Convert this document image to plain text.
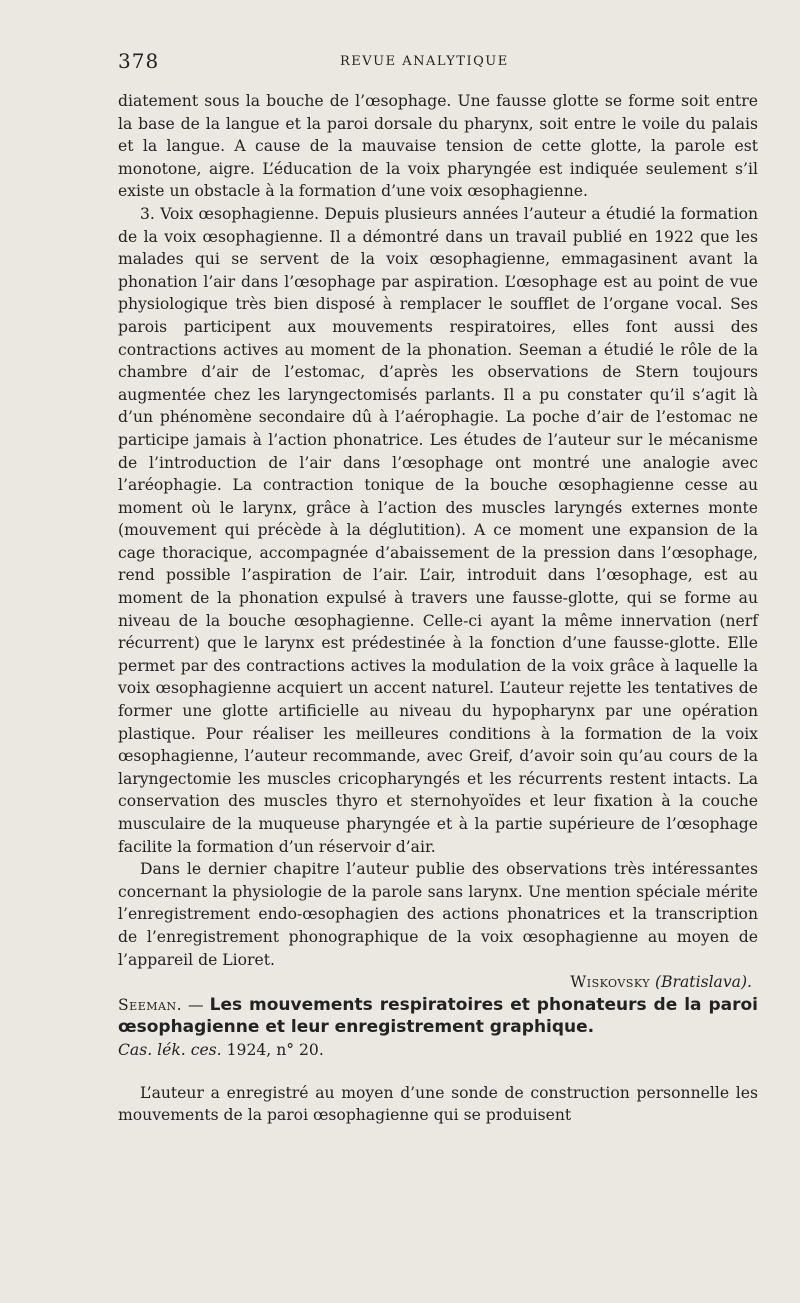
378	REVUE ANALYTIQUE

diatement sous la bouche de l’œsophage. Une fausse glotte se forme soit entre la base de la langue et la paroi dorsale du pharynx, soit entre le voile du palais et la langue. A cause de la mauvaise tension de cette glotte, la parole est monotone, aigre. L’éducation de la voix pharyngée est indiquée seulement s’il existe un obstacle à la formation d’une voix œsophagienne.

3. Voix œsophagienne. Depuis plusieurs années l’auteur a étudié la formation de la voix œsophagienne. Il a démontré dans un travail publié en 1922 que les malades qui se servent de la voix œsophagienne, emmagasinent avant la phonation l’air dans l’œsophage par aspiration. L’œsophage est au point de vue physiologique très bien disposé à remplacer le soufflet de l’organe vocal. Ses parois participent aux mouvements respiratoires, elles font aussi des contractions actives au moment de la phonation. Seeman a étudié le rôle de la chambre d’air de l’estomac, d’après les observations de Stern toujours augmentée chez les laryngectomisés parlants. Il a pu constater qu’il s’agit là d’un phénomène secondaire dû à l’aérophagie. La poche d’air de l’estomac ne participe jamais à l’action phonatrice. Les études de l’auteur sur le mécanisme de l’introduction de l’air dans l’œsophage ont montré une analogie avec l’aréophagie. La contraction tonique de la bouche œsophagienne cesse au moment où le larynx, grâce à l’action des muscles laryngés externes monte (mouvement qui précède à la déglutition). A ce moment une expansion de la cage thoracique, accompagnée d’abaissement de la pression dans l’œsophage, rend possible l’aspiration de l’air. L’air, introduit dans l’œsophage, est au moment de la phonation expulsé à travers une fausse-glotte, qui se forme au niveau de la bouche œsophagienne. Celle-ci ayant la même innervation (nerf récurrent) que le larynx est prédestinée à la fonction d’une fausse-glotte. Elle permet par des contractions actives la modulation de la voix grâce à laquelle la voix œsophagienne acquiert un accent naturel. L’auteur rejette les tentatives de former une glotte artificielle au niveau du hypopharynx par une opération plastique. Pour réaliser les meilleures conditions à la formation de la voix œsophagienne, l’auteur recommande, avec Greif, d’avoir soin qu’au cours de la laryngectomie les muscles cricopharyngés et les récurrents restent intacts. La conservation des muscles thyro et sternohyoïdes et leur fixation à la couche musculaire de la muqueuse pharyngée et à la partie supérieure de l’œsophage facilite la formation d’un réservoir d’air.

Dans le dernier chapitre l’auteur publie des observations très intéressantes concernant la physiologie de la parole sans larynx. Une mention spéciale mérite l’enregistrement endo-œsophagien des actions phonatrices et la transcription de l’enregistrement phonographique de la voix œsophagienne au moyen de l’appareil de Lioret.

Wiskovsky (Bratislava).

Seeman. — Les mouvements respiratoires et phonateurs de la paroi œsophagienne et leur enregistrement graphique.

Cas. lék. ces. 1924, n° 20.

L’auteur a enregistré au moyen d’une sonde de construction personnelle les mouvements de la paroi œsophagienne qui se produisent
